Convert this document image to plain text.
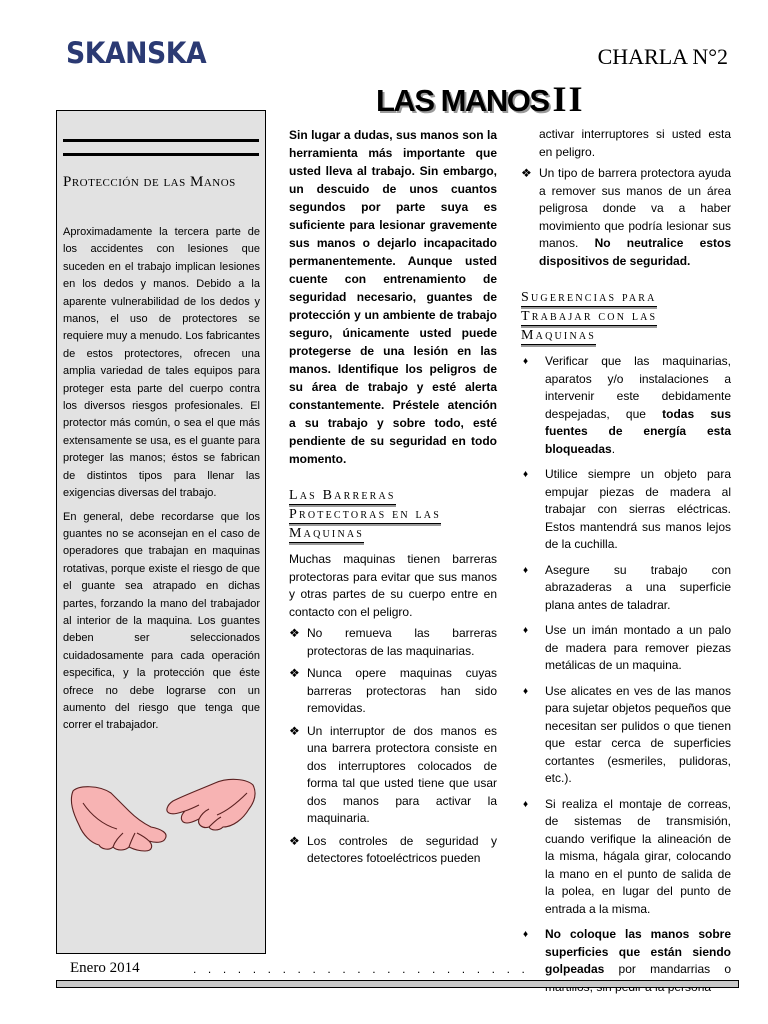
SKANSKA	CHARLA N°2
LAS MANOS II
Protección de las Manos

Aproximadamente la tercera parte de los accidentes con lesiones que suceden en el trabajo implican lesiones en los dedos y manos. Debido a la aparente vulnerabilidad de los dedos y manos, el uso de protectores se requiere muy a menudo. Los fabricantes de estos protectores, ofrecen una amplia variedad de tales equipos para proteger esta parte del cuerpo contra los diversos riesgos profesionales. El protector más común, o sea el que más extensamente se usa, es el guante para proteger las manos; éstos se fabrican de distintos tipos para llenar las exigencias diversas del trabajo.

En general, debe recordarse que los guantes no se aconsejan en el caso de operadores que trabajan en maquinas rotativas, porque existe el riesgo de que el guante sea atrapado en dichas partes, forzando la mano del trabajador al interior de la maquina. Los guantes deben ser seleccionados cuidadosamente para cada operación especifica, y la protección que éste ofrece no debe lograrse con un aumento del riesgo que tenga que correr el trabajador.

Sin lugar a dudas, sus manos son la herramienta más importante que usted lleva al trabajo. Sin embargo, un descuido de unos cuantos segundos por parte suya es suficiente para lesionar gravemente sus manos o dejarlo incapacitado permanentemente. Aunque usted cuente con entrenamiento de seguridad necesario, guantes de protección y un ambiente de trabajo seguro, únicamente usted puede protegerse de una lesión en las manos. Identifique los peligros de su área de trabajo y esté alerta constantemente. Préstele atención a su trabajo y sobre todo, esté pendiente de su seguridad en todo momento.

Las Barreras Protectoras en las Maquinas

Muchas maquinas tienen barreras protectoras para evitar que sus manos y otras partes de su cuerpo entre en contacto con el peligro.

❖ No remueva las barreras protectoras de las maquinarias.
❖ Nunca opere maquinas cuyas barreras protectoras han sido removidas.
❖ Un interruptor de dos manos es una barrera protectora consiste en dos interruptores colocados de forma tal que usted tiene que usar dos manos para activar la maquinaria.
❖ Los controles de seguridad y detectores fotoeléctricos pueden

activar interruptores si usted esta en peligro.

❖ Un tipo de barrera protectora ayuda a remover sus manos de un área peligrosa donde va a haber movimiento que podría lesionar sus manos. No neutralice estos dispositivos de seguridad.
Sugerencias para Trabajar con las Maquinas
♦ Verificar que las maquinarias, aparatos y/o instalaciones a intervenir este debidamente despejadas, que todas sus fuentes de energía esta bloqueadas.
♦ Utilice siempre un objeto para empujar piezas de madera al trabajar con sierras eléctricas. Estos mantendrá sus manos lejos de la cuchilla.
♦ Asegure su trabajo con abrazaderas a una superficie plana antes de taladrar.
♦ Use un imán montado a un palo de madera para remover piezas metálicas de un maquina.
♦ Use alicates en ves de las manos para sujetar objetos pequeños que necesitan ser pulidos o que tienen que estar cerca de superficies cortantes (esmeriles, pulidoras, etc.).
♦ Si realiza el montaje de correas, de sistemas de transmisión, cuando verifique la alineación de la misma, hágala girar, colocando la mano en el punto de salida de la polea, en lugar del punto de entrada a la misma.
♦ No coloque las manos sobre superficies que están siendo golpeadas por mandarrias o
Enero 2014	.......................
